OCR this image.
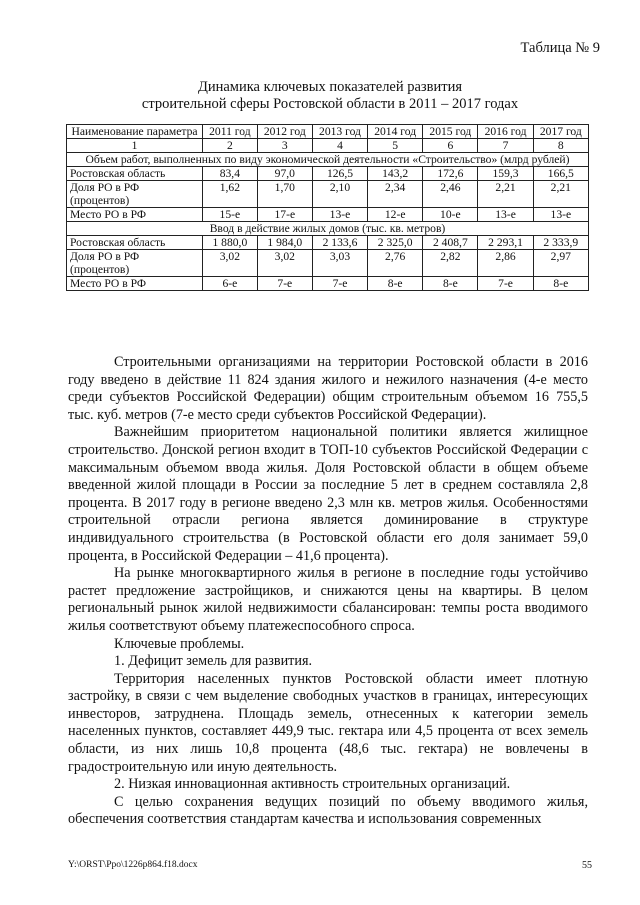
Таблица № 9
Динамика ключевых показателей развития
строительной сферы Ростовской области в 2011 – 2017 годах
Наименование параметра	2011 год	2012 год	2013 год	2014 год	2015 год	2016 год	2017 год
1	2	3	4	5	6	7	8
Объем работ, выполненных по виду экономической деятельности «Строительство» (млрд рублей)							
Ростовская область	83,4	97,0	126,5	143,2	172,6	159,3	166,5
Доля РО в РФ (процентов)	1,62	1,70	2,10	2,34	2,46	2,21	2,21
Место РО в РФ	15-е	17-е	13-е	12-е	10-е	13-е	13-е
Ввод в действие жилых домов (тыс. кв. метров)							
Ростовская область	1 880,0	1 984,0	2 133,6	2 325,0	2 408,7	2 293,1	2 333,9
Доля РО в РФ (процентов)	3,02	3,02	3,03	2,76	2,82	2,86	2,97
Место РО в РФ	6-е	7-е	7-е	8-е	8-е	7-е	8-е

Строительными организациями на территории Ростовской области в 2016 году введено в действие 11 824 здания жилого и нежилого назначения (4-е место среди субъектов Российской Федерации) общим строительным объемом 16 755,5 тыс. куб. метров (7-е место среди субъектов Российской Федерации).

Важнейшим приоритетом национальной политики является жилищное строительство. Донской регион входит в ТОП-10 субъектов Российской Федерации с максимальным объемом ввода жилья. Доля Ростовской области в общем объеме введенной жилой площади в России за последние 5 лет в среднем составляла 2,8 процента. В 2017 году в регионе введено 2,3 млн кв. метров жилья. Особенностями строительной отрасли региона является доминирование в структуре индивидуального строительства (в Ростовской области его доля занимает 59,0 процента, в Российской Федерации – 41,6 процента).

На рынке многоквартирного жилья в регионе в последние годы устойчиво растет предложение застройщиков, и снижаются цены на квартиры. В целом региональный рынок жилой недвижимости сбалансирован: темпы роста вводимого жилья соответствуют объему платежеспособного спроса.

Ключевые проблемы.

1. Дефицит земель для развития.

Территория населенных пунктов Ростовской области имеет плотную застройку, в связи с чем выделение свободных участков в границах, интересующих инвесторов, затруднена. Площадь земель, отнесенных к категории земель населенных пунктов, составляет 449,9 тыс. гектара или 4,5 процента от всех земель области, из них лишь 10,8 процента (48,6 тыс. гектара) не вовлечены в градостроительную или иную деятельность.

2. Низкая инновационная активность строительных организаций.

С целью сохранения ведущих позиций по объему вводимого жилья, обеспечения соответствия стандартам качества и использования современных

Y:\ORST\Ppo\1226p864.f18.docx	55
